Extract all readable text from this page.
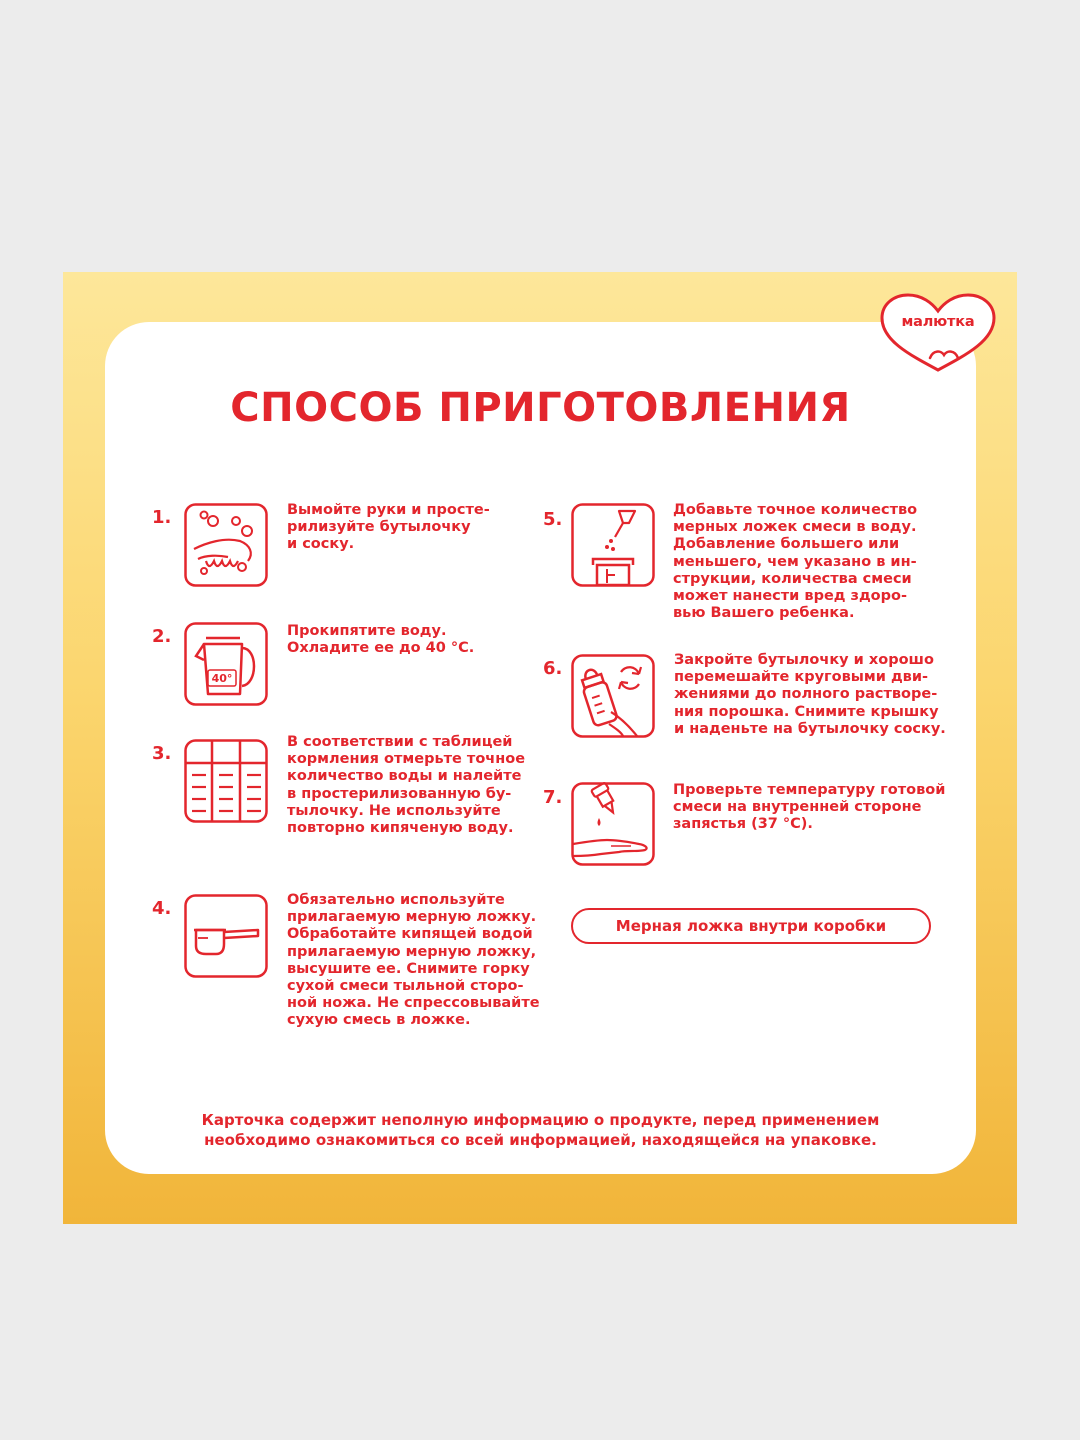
малютка
СПОСОБ ПРИГОТОВЛЕНИЯ
1.	Вымойте руки и просте-
рилизуйте бутылочку
и соску.

2.
40°

Прокипятите воду.
Охладите ее до 40 °С.

3.

В соответствии с таблицей
кормления отмерьте точное
количество воды и налейте
в простерилизованную бу-
тылочку. Не используйте
повторно кипяченую воду.

4.	Обязательно используйте
прилагаемую мерную ложку.
Обработайте кипящей водой
прилагаемую мерную ложку,
высушите ее. Снимите горку
сухой смеси тыльной сторо-
ной ножа. Не спрессовывайте
сухую смесь в ложке.

5.	Добавьте точное количество
мерных ложек смеси в воду.
Добавление большего или
меньшего, чем указано в ин-
струкции, количества смеси
может нанести вред здоро-
вью Вашего ребенка.

6.	Закройте бутылочку и хорошо
перемешайте круговыми дви-
жениями до полного растворе-
ния порошка. Снимите крышку
и наденьте на бутылочку соску.

7.	Проверьте температуру готовой
смеси на внутренней стороне
запястья (37 °С).

Мерная ложка внутри коробки

Карточка содержит неполную информацию о продукте, перед применением
необходимо ознакомиться со всей информацией, находящейся на упаковке.
